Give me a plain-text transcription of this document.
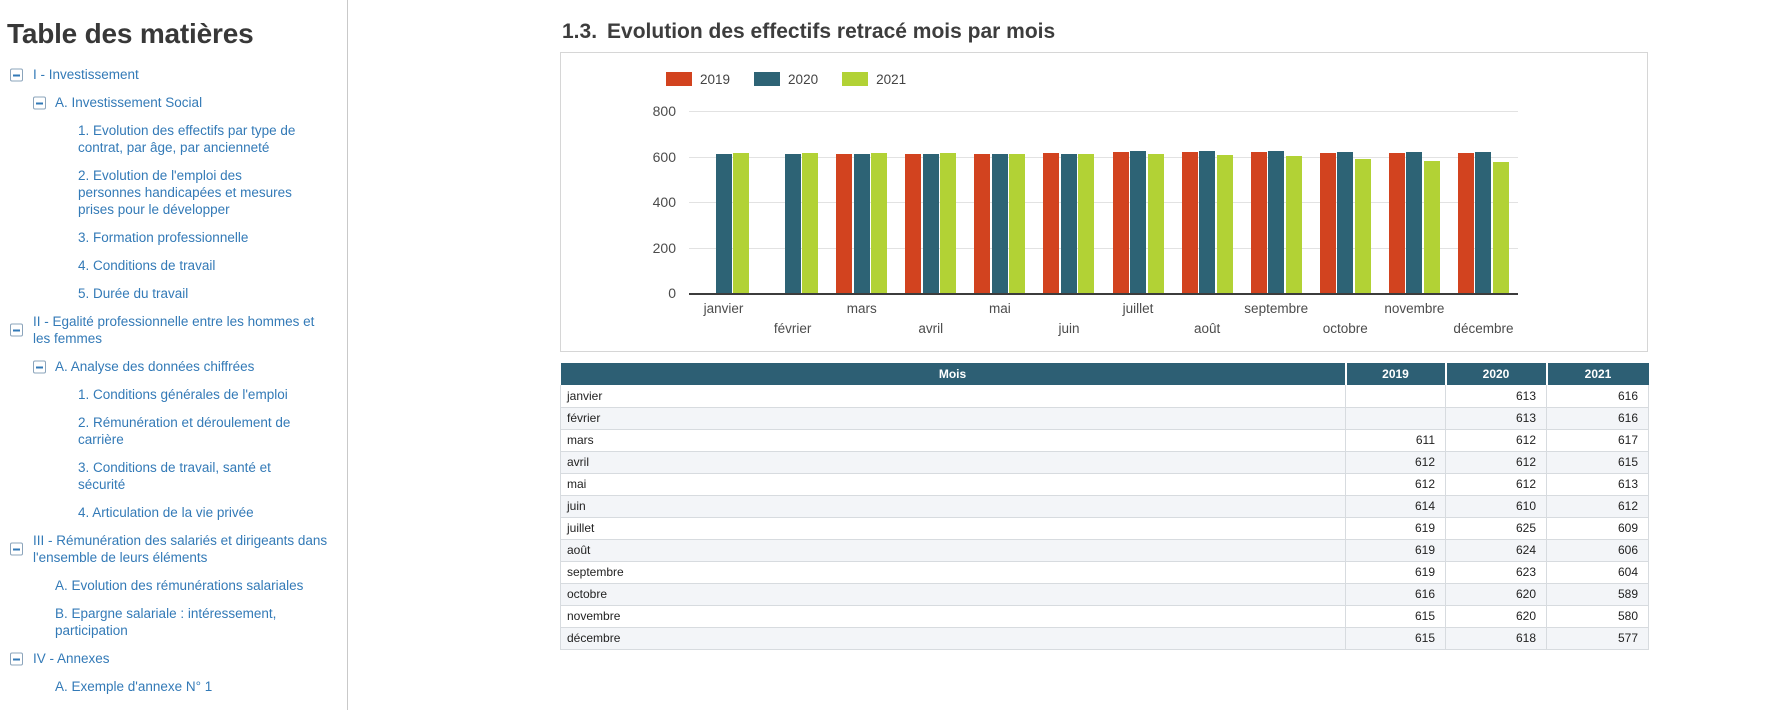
Table des matières
I - Investissement
A. Investissement Social
1. Evolution des effectifs par type de contrat, par âge, par ancienneté
2. Evolution de l'emploi des personnes handicapées et mesures prises pour le développer
3. Formation professionnelle
4. Conditions de travail
5. Durée du travail
II - Egalité professionnelle entre les hommes et les femmes
A. Analyse des données chiffrées
1. Conditions générales de l'emploi
2. Rémunération et déroulement de carrière
3. Conditions de travail, santé et sécurité
4. Articulation de la vie privée
III - Rémunération des salariés et dirigeants dans l'ensemble de leurs éléments
A. Evolution des rémunérations salariales
B. Epargne salariale : intéressement, participation
IV - Annexes
A. Exemple d'annexe N° 1
1.3. Evolution des effectifs retracé mois par mois
2019	2020	2021
0
200
400
600
800
janvier
février
mars
avril
mai
juin
juillet
août
septembre
octobre
novembre
décembre
Mois	2019	2020	2021
janvier		613	616
février		613	616
mars	611	612	617
avril	612	612	615
mai	612	612	613
juin	614	610	612
juillet	619	625	609
août	619	624	606
septembre	619	623	604
octobre	616	620	589
novembre	615	620	580
décembre	615	618	577
